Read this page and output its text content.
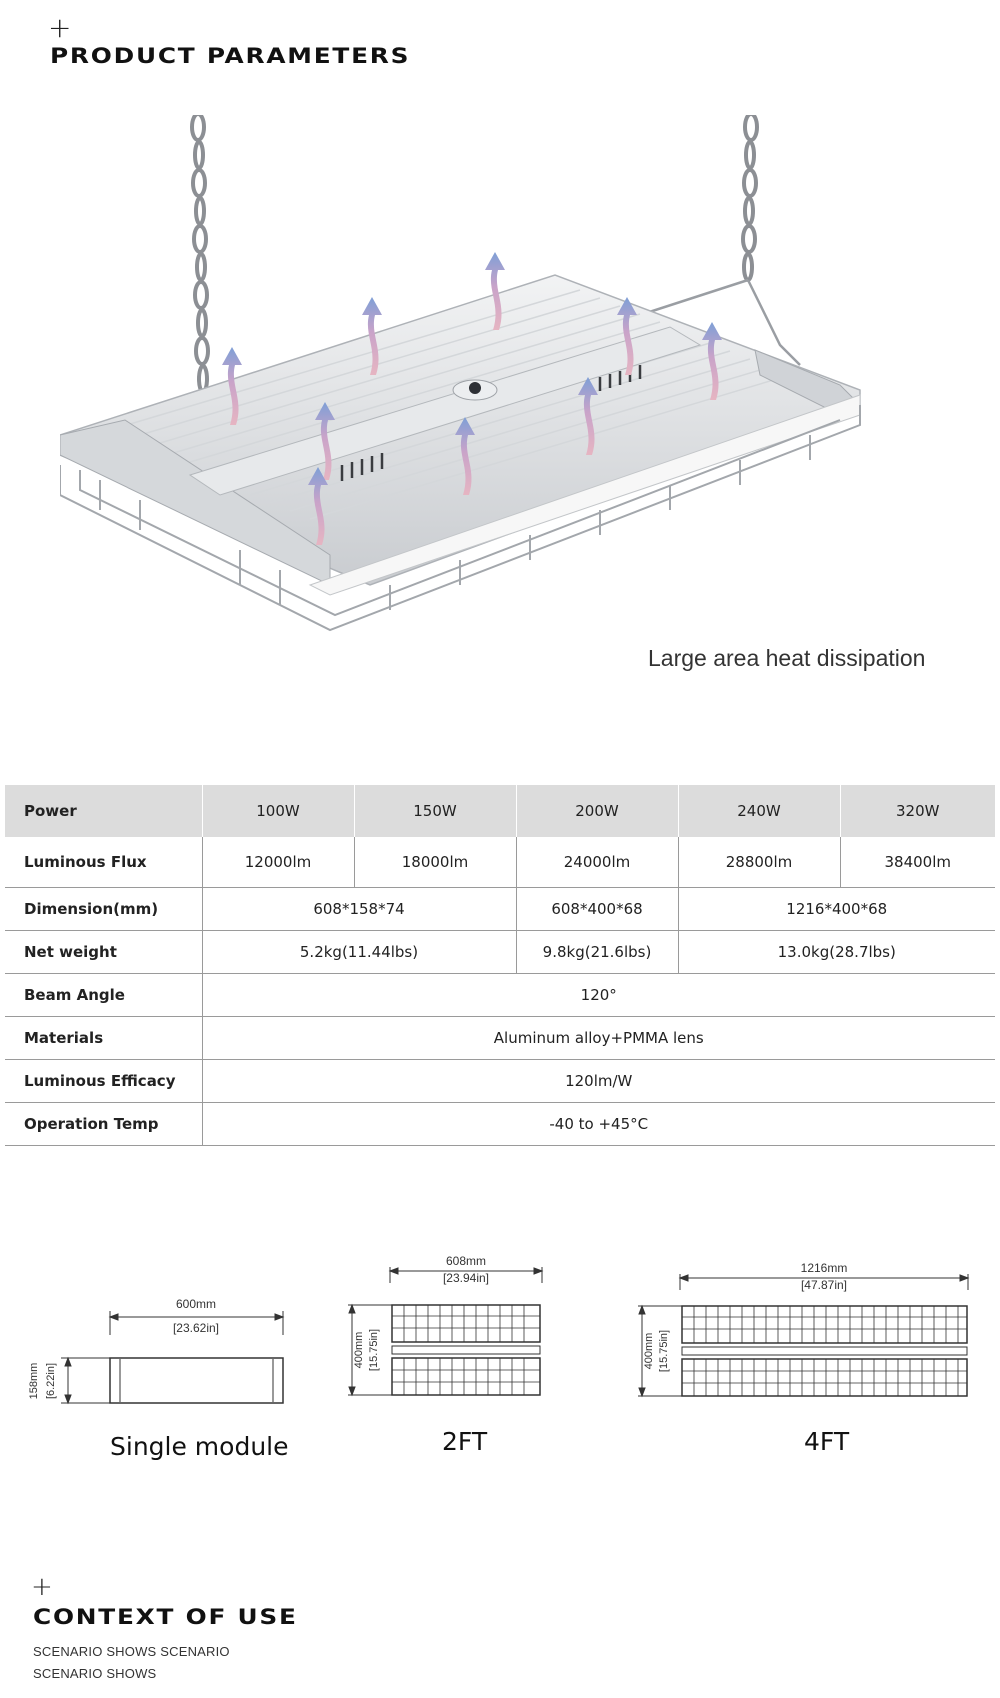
+
PRODUCT PARAMETERS
Large area heat dissipation
Power	100W	150W	200W	240W	320W
Luminous Flux	12000lm	18000lm	24000lm	28800lm	38400lm
Dimension(mm)	608*158*74		608*400*68	1216*400*68	
Net weight	5.2kg(11.44lbs)		9.8kg(21.6lbs)	13.0kg(28.7lbs)	
Beam Angle	120°				
Materials	Aluminum alloy+PMMA lens				
Luminous Efficacy	120lm/W				
Operation Temp	-40 to +45°C				
600mm
[23.62in]
158mm [6.22in]
608mm
[23.94in]
400mm [15.75in]
1216mm
[47.87in]
400mm [15.75in]
Single module	2FT	4FT
+
CONTEXT OF USE
SCENARIO SHOWS SCENARIO
SCENARIO SHOWS
